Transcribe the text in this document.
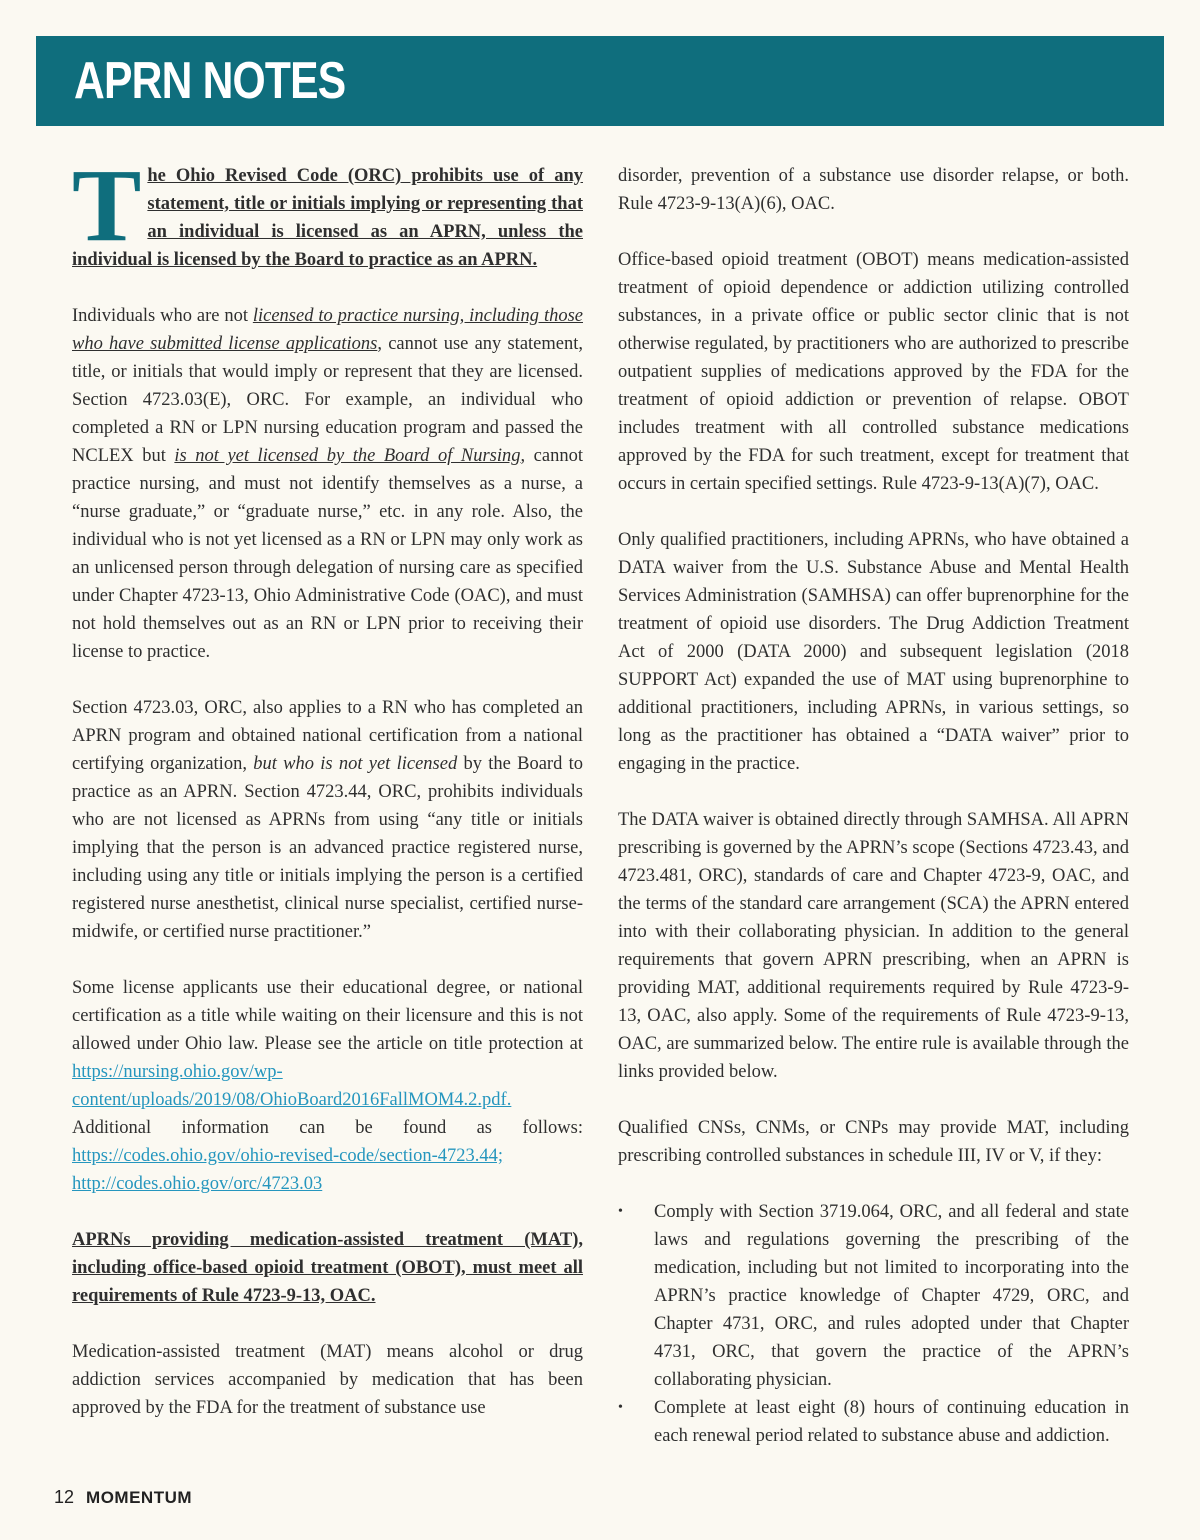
APRN NOTES

The Ohio Revised Code (ORC) prohibits use of any statement, title or initials implying or representing that an individual is licensed as an APRN, unless the individual is licensed by the Board to practice as an APRN.

Individuals who are not licensed to practice nursing, including those who have submitted license applications, cannot use any statement, title, or initials that would imply or represent that they are licensed. Section 4723.03(E), ORC. For example, an individual who completed a RN or LPN nursing education program and passed the NCLEX but is not yet licensed by the Board of Nursing, cannot practice nursing, and must not identify themselves as a nurse, a “nurse graduate,” or “graduate nurse,” etc. in any role. Also, the individual who is not yet licensed as a RN or LPN may only work as an unlicensed person through delegation of nursing care as specified under Chapter 4723-13, Ohio Administrative Code (OAC), and must not hold themselves out as an RN or LPN prior to receiving their license to practice.

Section 4723.03, ORC, also applies to a RN who has completed an APRN program and obtained national certification from a national certifying organization, but who is not yet licensed by the Board to practice as an APRN. Section 4723.44, ORC, prohibits individuals who are not licensed as APRNs from using “any title or initials implying that the person is an advanced practice registered nurse, including using any title or initials implying the person is a certified registered nurse anesthetist, clinical nurse specialist, certified nurse-midwife, or certified nurse practitioner.”

Some license applicants use their educational degree, or national certification as a title while waiting on their licensure and this is not allowed under Ohio law. Please see the article on title protection at https://nursing.ohio.gov/wp-content/uploads/2019/08/OhioBoard2016FallMOM4.2.pdf. Additional information can be found as follows: https://codes.ohio.gov/ohio-revised-code/section-4723.44; http://codes.ohio.gov/orc/4723.03

APRNs providing medication-assisted treatment (MAT), including office-based opioid treatment (OBOT), must meet all requirements of Rule 4723-9-13, OAC.

Medication-assisted treatment (MAT) means alcohol or drug addiction services accompanied by medication that has been approved by the FDA for the treatment of substance use

disorder, prevention of a substance use disorder relapse, or both. Rule 4723-9-13(A)(6), OAC.

Office-based opioid treatment (OBOT) means medication-assisted treatment of opioid dependence or addiction utilizing controlled substances, in a private office or public sector clinic that is not otherwise regulated, by practitioners who are authorized to prescribe outpatient supplies of medications approved by the FDA for the treatment of opioid addiction or prevention of relapse. OBOT includes treatment with all controlled substance medications approved by the FDA for such treatment, except for treatment that occurs in certain specified settings. Rule 4723-9-13(A)(7), OAC.

Only qualified practitioners, including APRNs, who have obtained a DATA waiver from the U.S. Substance Abuse and Mental Health Services Administration (SAMHSA) can offer buprenorphine for the treatment of opioid use disorders. The Drug Addiction Treatment Act of 2000 (DATA 2000) and subsequent legislation (2018 SUPPORT Act) expanded the use of MAT using buprenorphine to additional practitioners, including APRNs, in various settings, so long as the practitioner has obtained a “DATA waiver” prior to engaging in the practice.

The DATA waiver is obtained directly through SAMHSA. All APRN prescribing is governed by the APRN’s scope (Sections 4723.43, and 4723.481, ORC), standards of care and Chapter 4723-9, OAC, and the terms of the standard care arrangement (SCA) the APRN entered into with their collaborating physician. In addition to the general requirements that govern APRN prescribing, when an APRN is providing MAT, additional requirements required by Rule 4723-9-13, OAC, also apply. Some of the requirements of Rule 4723-9-13, OAC, are summarized below. The entire rule is available through the links provided below.

Qualified CNSs, CNMs, or CNPs may provide MAT, including prescribing controlled substances in schedule III, IV or V, if they:

• Comply with Section 3719.064, ORC, and all federal and state laws and regulations governing the prescribing of the medication, including but not limited to incorporating into the APRN’s practice knowledge of Chapter 4729, ORC, and Chapter 4731, ORC, and rules adopted under that Chapter 4731, ORC, that govern the practice of the APRN’s collaborating physician.
• Complete at least eight (8) hours of continuing education in each renewal period related to substance abuse and addiction.
12 MOMENTUM
